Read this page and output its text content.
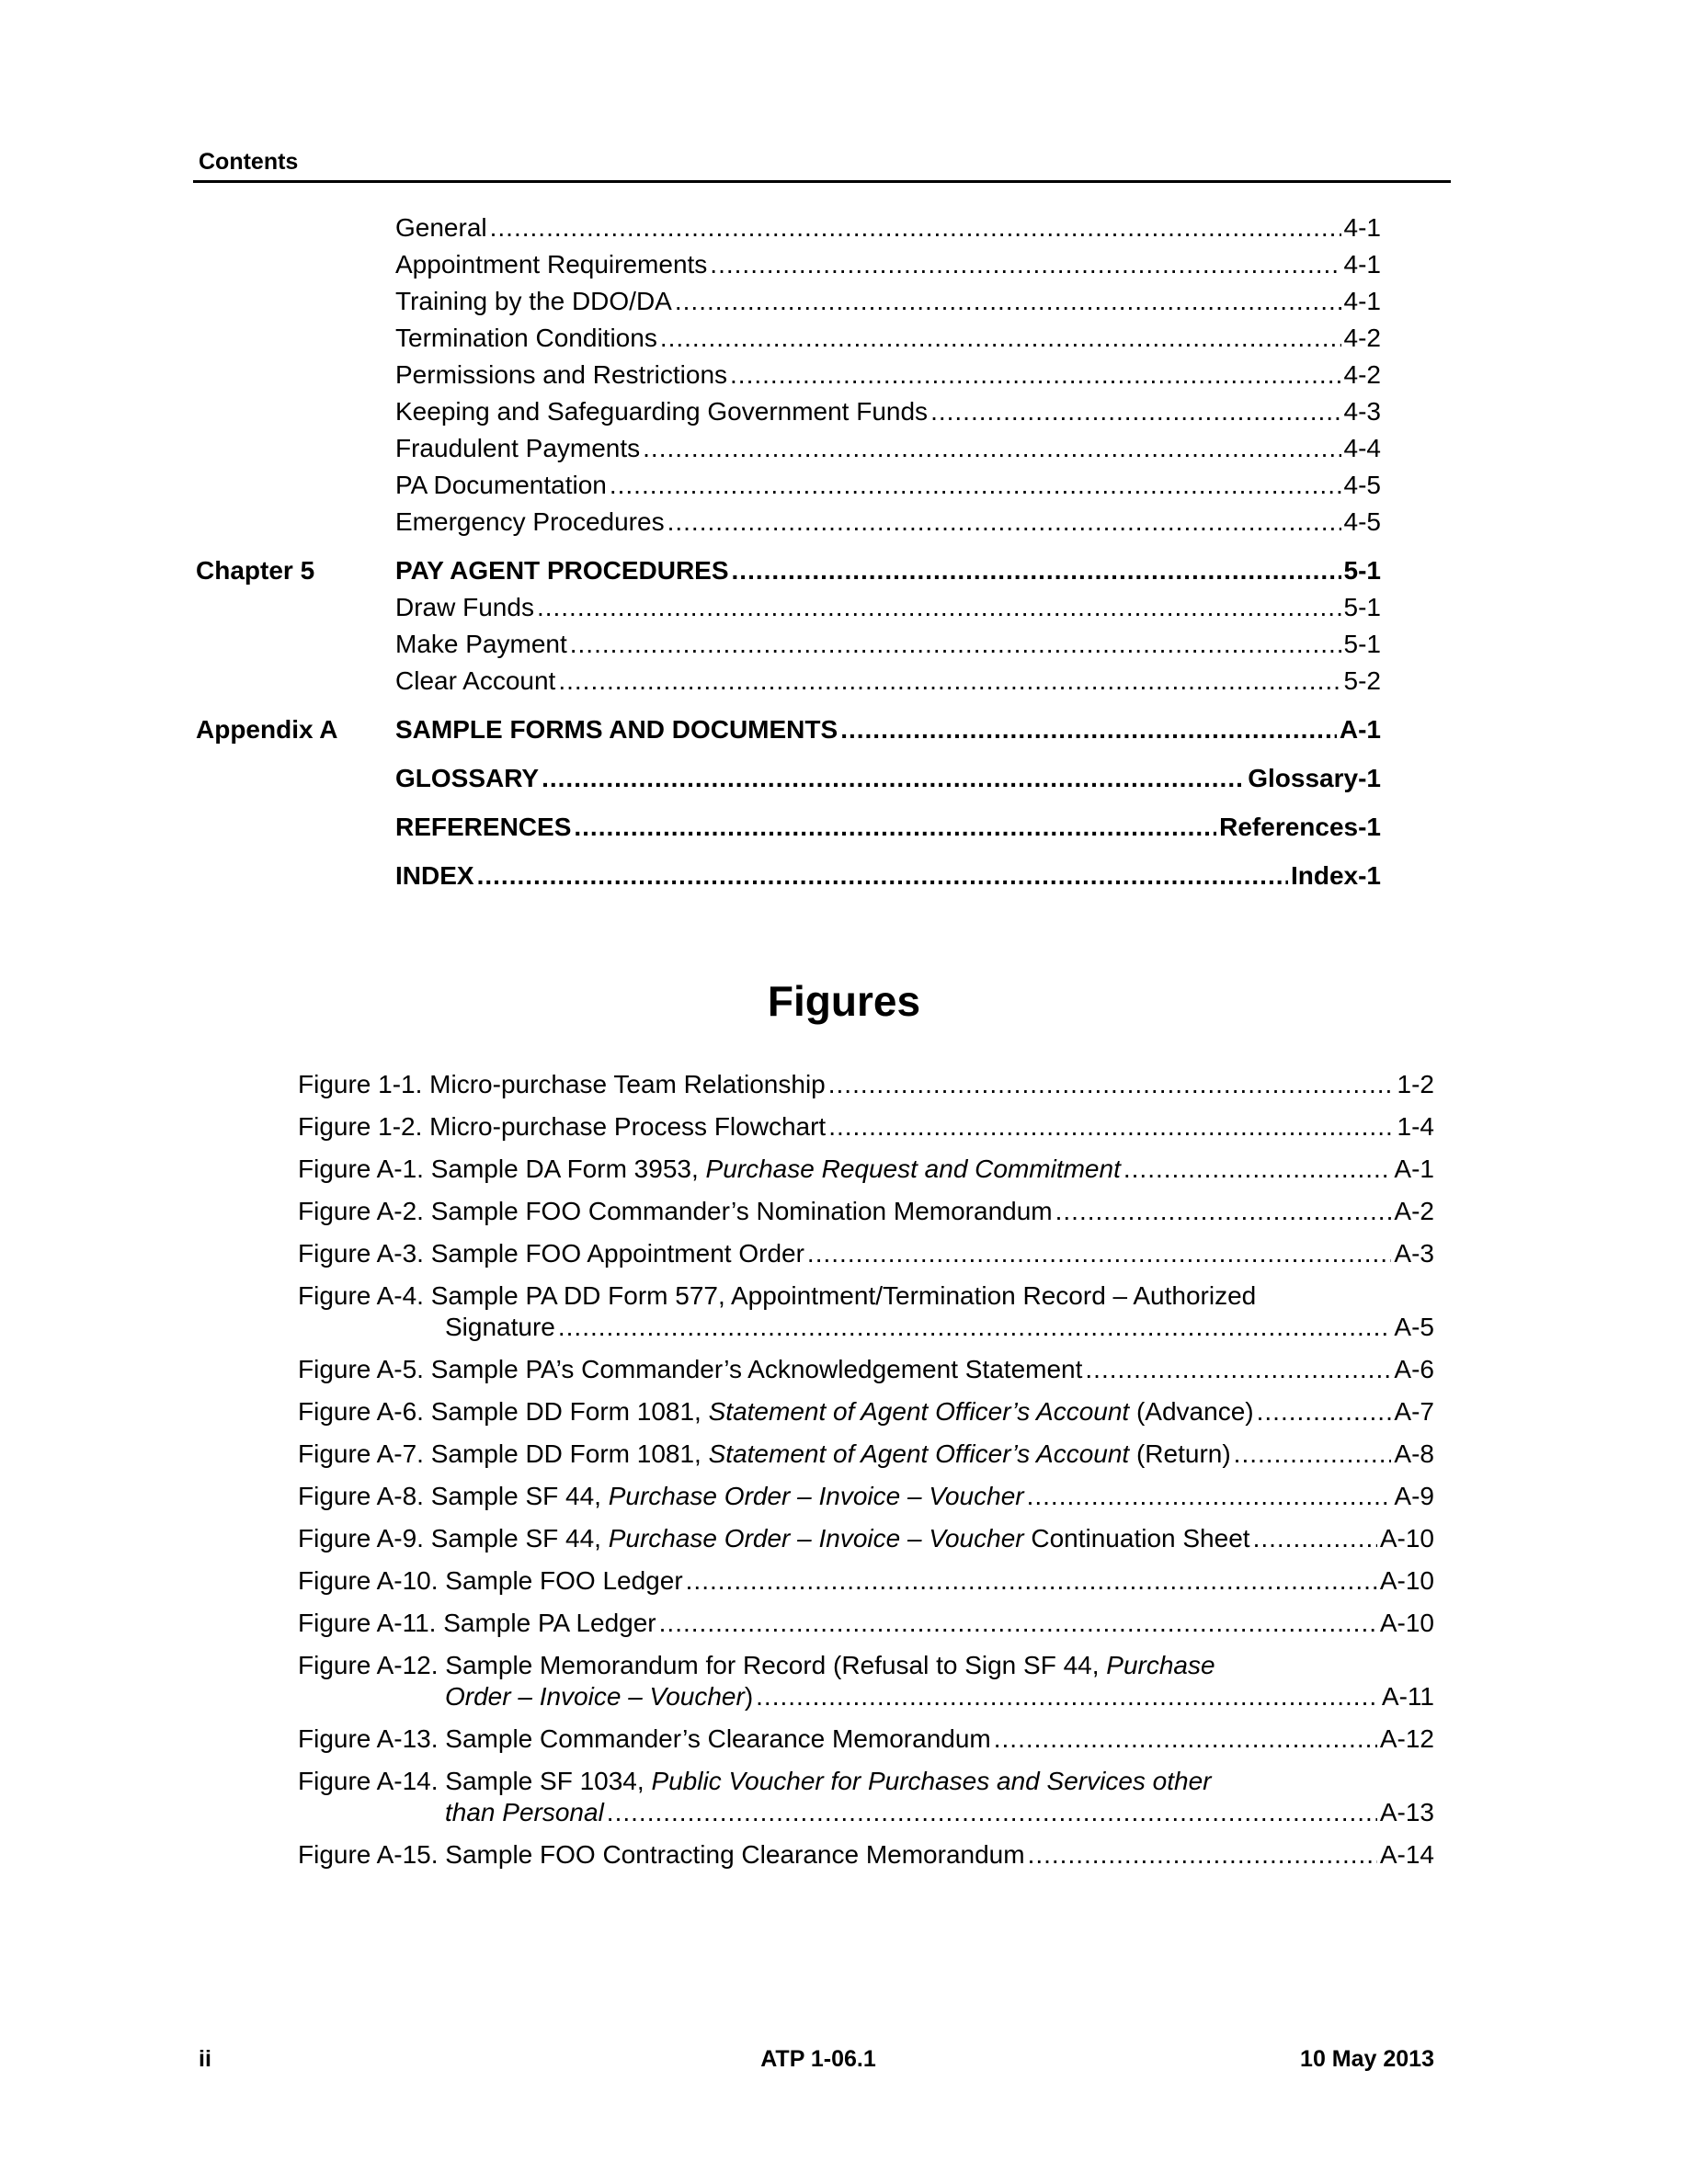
Contents
General .....	4-1
Appointment Requirements .....	4-1
Training by the DDO/DA .....	4-1
Termination Conditions .....	4-2
Permissions and Restrictions .....	4-2
Keeping and Safeguarding Government Funds .....	4-3
Fraudulent Payments .....	4-4
PA Documentation .....	4-5
Emergency Procedures .....	4-5
Chapter 5	PAY AGENT PROCEDURES .....	5-1
Draw Funds .....	5-1
Make Payment .....	5-1
Clear Account .....	5-2
Appendix A SAMPLE FORMS AND DOCUMENTS .....	A-1
GLOSSARY .....	Glossary-1
REFERENCES .....	References-1
INDEX .....	Index-1
Figures
Figure 1-1. Micro-purchase Team Relationship .....	1-2
Figure 1-2. Micro-purchase Process Flowchart .....	1-4
Figure A-1. Sample DA Form 3953, Purchase Request and Commitment .....	A-1
Figure A-2. Sample FOO Commander’s Nomination Memorandum .....	A-2
Figure A-3. Sample FOO Appointment Order .....	A-3
Figure A-4. Sample PA DD Form 577, Appointment/Termination Record – Authorized
Signature .....	A-5
Figure A-5. Sample PA’s Commander’s Acknowledgement Statement .....	A-6
Figure A-6. Sample DD Form 1081, Statement of Agent Officer’s Account (Advance) .....	A-7
Figure A-7. Sample DD Form 1081, Statement of Agent Officer’s Account (Return) .....	A-8
Figure A-8. Sample SF 44, Purchase Order – Invoice – Voucher .....	A-9
Figure A-9. Sample SF 44, Purchase Order – Invoice – Voucher Continuation Sheet .....	A-10
Figure A-10. Sample FOO Ledger .....	A-10
Figure A-11. Sample PA Ledger .....	A-10
Figure A-12. Sample Memorandum for Record (Refusal to Sign SF 44, Purchase
Order – Invoice – Voucher) .....	A-11
Figure A-13. Sample Commander’s Clearance Memorandum .....	A-12
Figure A-14. Sample SF 1034, Public Voucher for Purchases and Services other
than Personal .....	A-13
Figure A-15. Sample FOO Contracting Clearance Memorandum .....	A-14
ii	ATP 1-06.1	10 May 2013
